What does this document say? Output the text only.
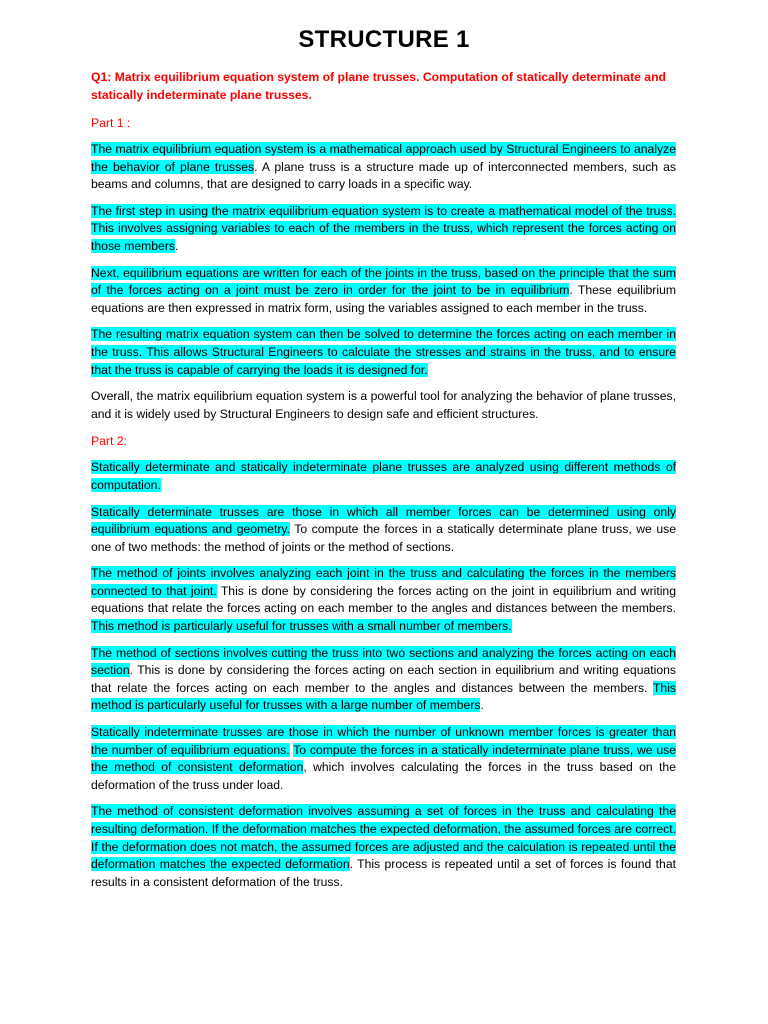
STRUCTURE 1

Q1: Matrix equilibrium equation system of plane trusses. Computation of statically determinate and statically indeterminate plane trusses.

Part 1 :

The matrix equilibrium equation system is a mathematical approach used by Structural Engineers to analyze the behavior of plane trusses. A plane truss is a structure made up of interconnected members, such as beams and columns, that are designed to carry loads in a specific way.

The first step in using the matrix equilibrium equation system is to create a mathematical model of the truss. This involves assigning variables to each of the members in the truss, which represent the forces acting on those members.

Next, equilibrium equations are written for each of the joints in the truss, based on the principle that the sum of the forces acting on a joint must be zero in order for the joint to be in equilibrium. These equilibrium equations are then expressed in matrix form, using the variables assigned to each member in the truss.

The resulting matrix equation system can then be solved to determine the forces acting on each member in the truss. This allows Structural Engineers to calculate the stresses and strains in the truss, and to ensure that the truss is capable of carrying the loads it is designed for.

Overall, the matrix equilibrium equation system is a powerful tool for analyzing the behavior of plane trusses, and it is widely used by Structural Engineers to design safe and efficient structures.

Part 2:

Statically determinate and statically indeterminate plane trusses are analyzed using different methods of computation.

Statically determinate trusses are those in which all member forces can be determined using only equilibrium equations and geometry. To compute the forces in a statically determinate plane truss, we use one of two methods: the method of joints or the method of sections.

The method of joints involves analyzing each joint in the truss and calculating the forces in the members connected to that joint. This is done by considering the forces acting on the joint in equilibrium and writing equations that relate the forces acting on each member to the angles and distances between the members. This method is particularly useful for trusses with a small number of members.

The method of sections involves cutting the truss into two sections and analyzing the forces acting on each section. This is done by considering the forces acting on each section in equilibrium and writing equations that relate the forces acting on each member to the angles and distances between the members. This method is particularly useful for trusses with a large number of members.

Statically indeterminate trusses are those in which the number of unknown member forces is greater than the number of equilibrium equations. To compute the forces in a statically indeterminate plane truss, we use the method of consistent deformation, which involves calculating the forces in the truss based on the deformation of the truss under load.

The method of consistent deformation involves assuming a set of forces in the truss and calculating the resulting deformation. If the deformation matches the expected deformation, the assumed forces are correct. If the deformation does not match, the assumed forces are adjusted and the calculation is repeated until the deformation matches the expected deformation. This process is repeated until a set of forces is found that results in a consistent deformation of the truss.
